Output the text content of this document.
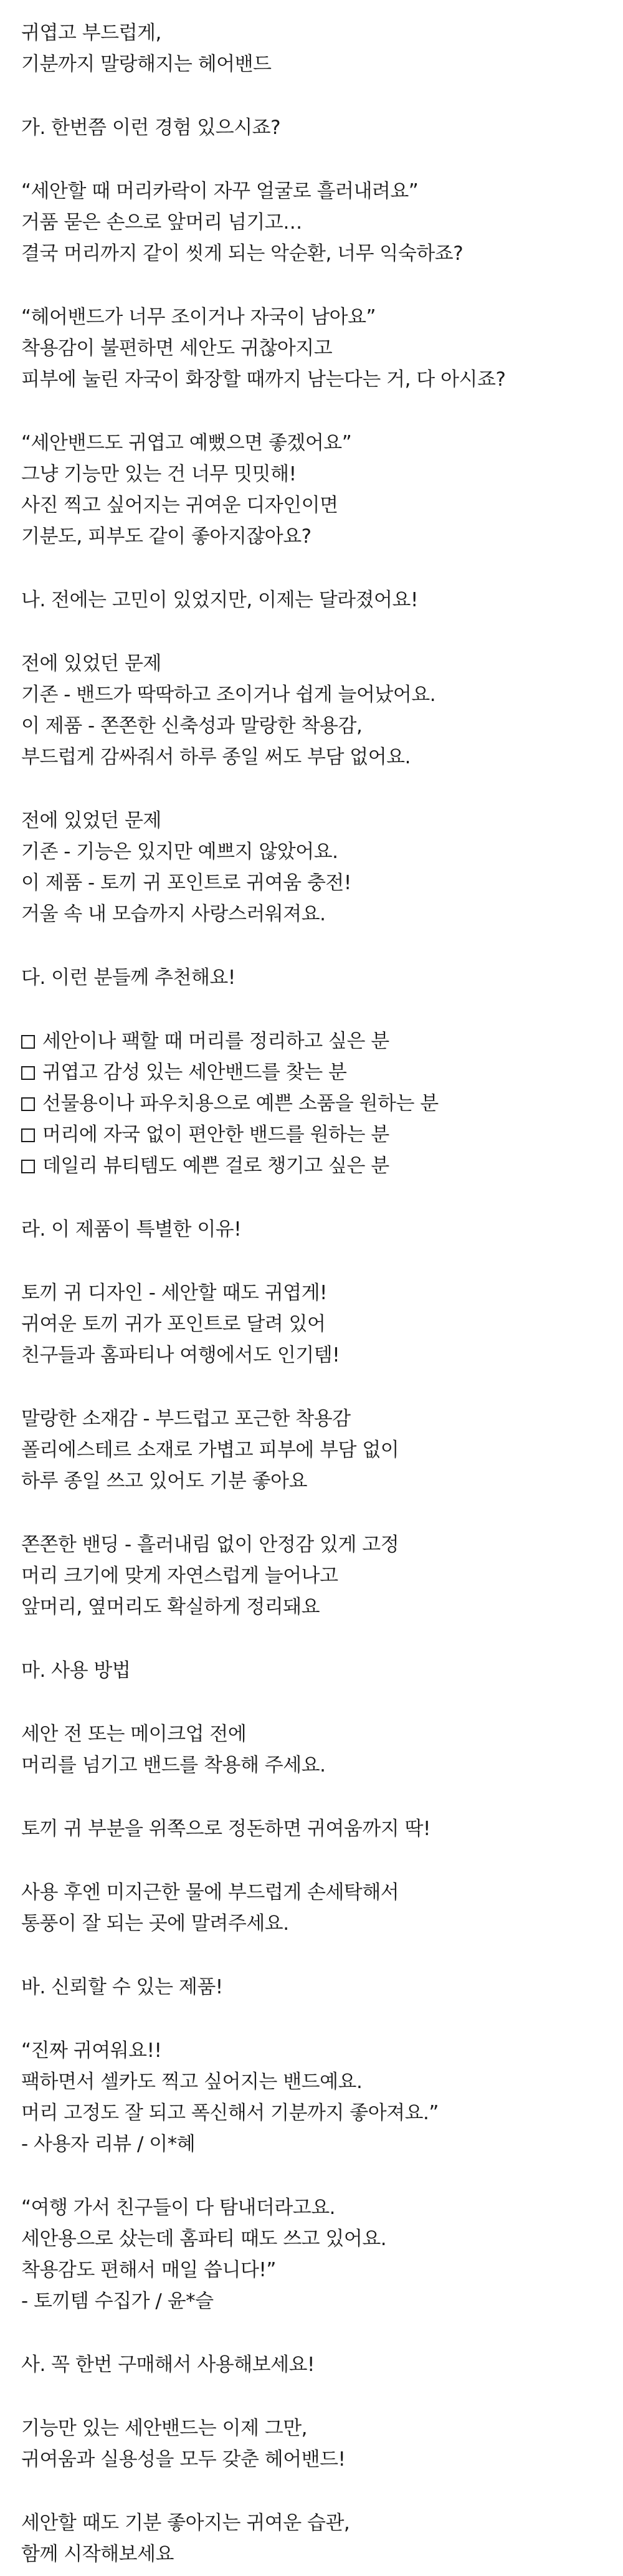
귀엽고 부드럽게,
기분까지 말랑해지는 헤어밴드
가. 한번쯤 이런 경험 있으시죠?
“세안할 때 머리카락이 자꾸 얼굴로 흘러내려요”
거품 묻은 손으로 앞머리 넘기고…
결국 머리까지 같이 씻게 되는 악순환, 너무 익숙하죠?
“헤어밴드가 너무 조이거나 자국이 남아요”
착용감이 불편하면 세안도 귀찮아지고
피부에 눌린 자국이 화장할 때까지 남는다는 거, 다 아시죠?
“세안밴드도 귀엽고 예뻤으면 좋겠어요”
그냥 기능만 있는 건 너무 밋밋해!
사진 찍고 싶어지는 귀여운 디자인이면
기분도, 피부도 같이 좋아지잖아요?
나. 전에는 고민이 있었지만, 이제는 달라졌어요!
전에 있었던 문제
기존 - 밴드가 딱딱하고 조이거나 쉽게 늘어났어요.
이 제품 - 쫀쫀한 신축성과 말랑한 착용감,
부드럽게 감싸줘서 하루 종일 써도 부담 없어요.
전에 있었던 문제
기존 - 기능은 있지만 예쁘지 않았어요.
이 제품 - 토끼 귀 포인트로 귀여움 충전!
거울 속 내 모습까지 사랑스러워져요.
다. 이런 분들께 추천해요!
세안이나 팩할 때 머리를 정리하고 싶은 분
귀엽고 감성 있는 세안밴드를 찾는 분
선물용이나 파우치용으로 예쁜 소품을 원하는 분
머리에 자국 없이 편안한 밴드를 원하는 분
데일리 뷰티템도 예쁜 걸로 챙기고 싶은 분
라. 이 제품이 특별한 이유!
토끼 귀 디자인 - 세안할 때도 귀엽게!
귀여운 토끼 귀가 포인트로 달려 있어
친구들과 홈파티나 여행에서도 인기템!
말랑한 소재감 - 부드럽고 포근한 착용감
폴리에스테르 소재로 가볍고 피부에 부담 없이
하루 종일 쓰고 있어도 기분 좋아요
쫀쫀한 밴딩 - 흘러내림 없이 안정감 있게 고정
머리 크기에 맞게 자연스럽게 늘어나고
앞머리, 옆머리도 확실하게 정리돼요
마. 사용 방법
세안 전 또는 메이크업 전에
머리를 넘기고 밴드를 착용해 주세요.
토끼 귀 부분을 위쪽으로 정돈하면 귀여움까지 딱!
사용 후엔 미지근한 물에 부드럽게 손세탁해서
통풍이 잘 되는 곳에 말려주세요.
바. 신뢰할 수 있는 제품!
“진짜 귀여워요!!
팩하면서 셀카도 찍고 싶어지는 밴드예요.
머리 고정도 잘 되고 폭신해서 기분까지 좋아져요.”
- 사용자 리뷰 / 이*혜
“여행 가서 친구들이 다 탐내더라고요.
세안용으로 샀는데 홈파티 때도 쓰고 있어요.
착용감도 편해서 매일 씁니다!”
- 토끼템 수집가 / 윤*슬
사. 꼭 한번 구매해서 사용해보세요!
기능만 있는 세안밴드는 이제 그만,
귀여움과 실용성을 모두 갖춘 헤어밴드!
세안할 때도 기분 좋아지는 귀여운 습관,
함께 시작해보세요
